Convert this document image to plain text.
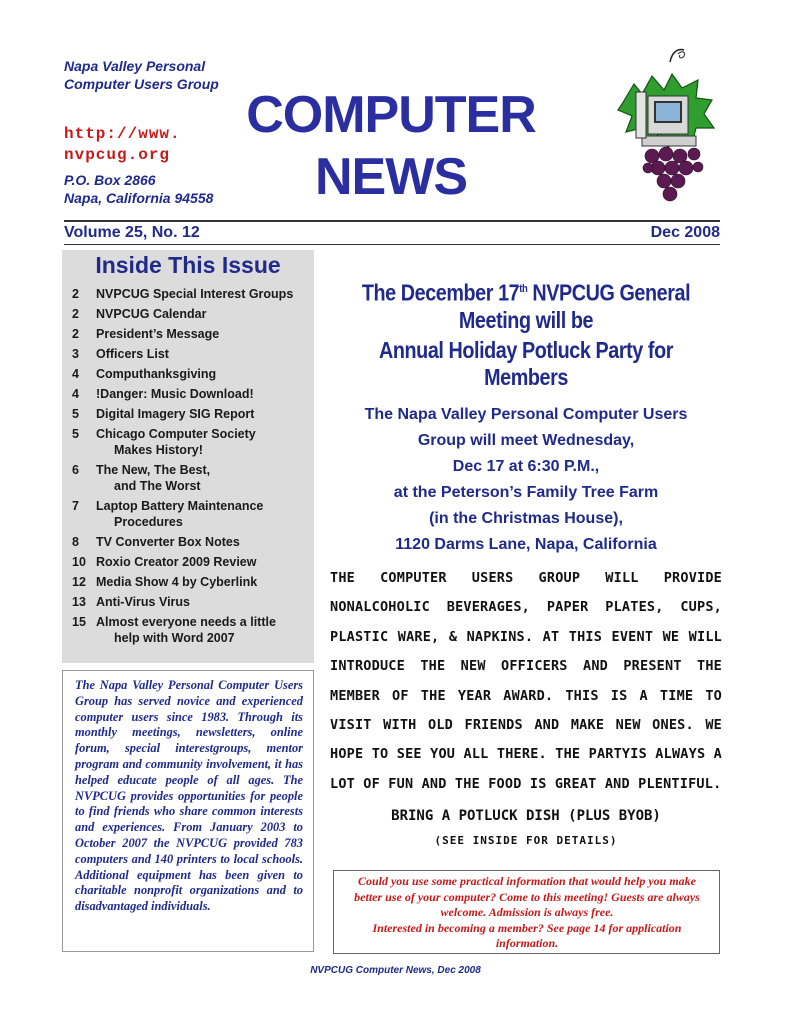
Napa Valley Personal Computer Users Group
http://www. nvpcug.org
P.O. Box 2866
Napa, California 94558
COMPUTER
NEWS
Volume 25, No. 12	Dec 2008
Inside This Issue
2	NVPCUG Special Interest Groups
2	NVPCUG Calendar
2	President’s Message
3	Officers List
4	Computhanksgiving
4	!Danger: Music Download!
5	Digital Imagery SIG Report
5	Chicago Computer Society
Makes History!
6	The New, The Best,
and The Worst
7	Laptop Battery Maintenance
Procedures
8	TV Converter Box Notes
10 Roxio Creator 2009 Review
12 Media Show 4 by Cyberlink
13 Anti-Virus Virus
15 Almost everyone needs a little
help with Word 2007
The Napa Valley Personal Computer Users Group has served novice and experienced computer users since 1983. Through its monthly meetings, newsletters, online forum, special interestgroups, mentor program and community involvement, it has helped educate people of all ages. The NVPCUG provides opportunities for people to find friends who share common interests and experiences. From January 2003 to October 2007 the NVPCUG provided 783 computers and 140 printers to local schools. Additional equipment has been given to charitable nonprofit organizations and to disadvantaged individuals.
The December 17th NVPCUG General Meeting will be
Annual Holiday Potluck Party for Members
The Napa Valley Personal Computer Users
Group will meet Wednesday,
Dec 17 at 6:30 P.M.,
at the Peterson’s Family Tree Farm
(in the Christmas House),
1120 Darms Lane, Napa, California
THE COMPUTER USERS GROUP WILL PROVIDE NONALCOHOLIC BEVERAGES, PAPER PLATES, CUPS, PLASTIC WARE, & NAPKINS. AT THIS EVENT WE WILL INTRODUCE THE NEW OFFICERS AND PRESENT THE MEMBER OF THE YEAR AWARD. THIS IS A TIME TO VISIT WITH OLD FRIENDS AND MAKE NEW ONES. WE HOPE TO SEE YOU ALL THERE. THE PARTYIS ALWAYS A LOT OF FUN AND THE FOOD IS GREAT AND PLENTIFUL.
BRING A POTLUCK DISH (PLUS BYOB)
(SEE INSIDE FOR DETAILS)

Could you use some practical information that would help you make better use of your computer? Come to this meeting! Guests are always welcome. Admission is always free.

Interested in becoming a member? See page 14 for application information.

NVPCUG Computer News, Dec 2008
